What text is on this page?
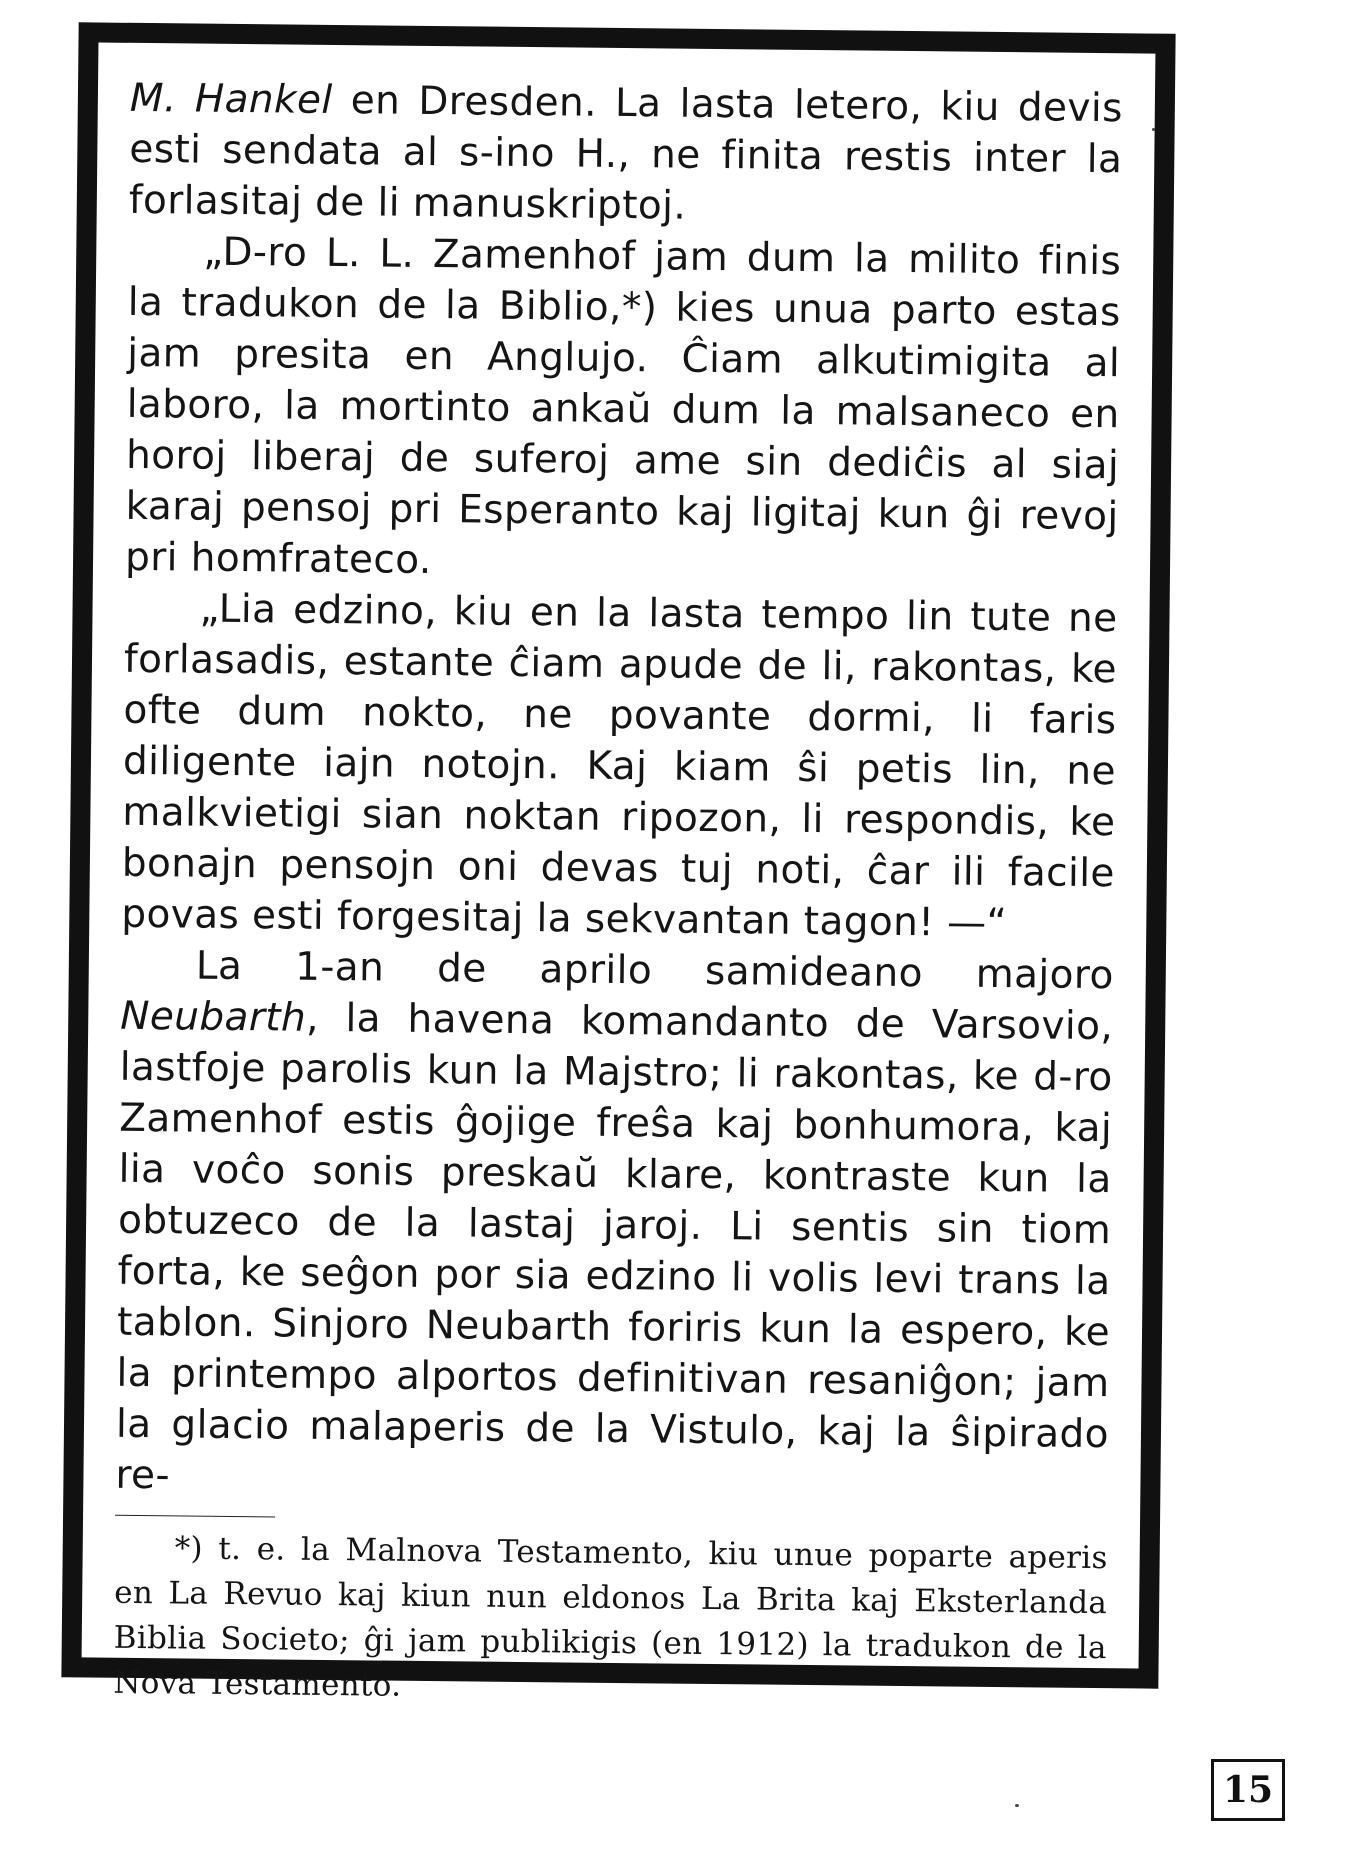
M. Hankel en Dresden. La lasta letero, kiu devis esti sendata al s-ino H., ne finita restis inter la forlasitaj de li manuskriptoj.

„D-ro L. L. Zamenhof jam dum la milito finis la tradukon de la Biblio,*) kies unua parto estas jam presita en Anglujo. Ĉiam alkutimigita al laboro, la mortinto ankaŭ dum la malsaneco en horoj liberaj de suferoj ame sin dediĉis al siaj karaj pensoj pri Esperanto kaj ligitaj kun ĝi revoj pri homfrateco.

„Lia edzino, kiu en la lasta tempo lin tute ne forlasadis, estante ĉiam apude de li, rakontas, ke ofte dum nokto, ne povante dormi, li faris diligente iajn notojn. Kaj kiam ŝi petis lin, ne malkvietigi sian noktan ripozon, li respondis, ke bonajn pensojn oni devas tuj noti, ĉar ili facile povas esti forgesitaj la sekvantan tagon! —“

La 1-an de aprilo samideano majoro Neubarth, la havena komandanto de Varsovio, lastfoje parolis kun la Majstro; li rakontas, ke d-ro Zamenhof estis ĝojige freŝa kaj bonhumora, kaj lia voĉo sonis preskaŭ klare, kontraste kun la obtuzeco de la lastaj jaroj. Li sentis sin tiom forta, ke seĝon por sia edzino li volis levi trans la tablon. Sinjoro Neubarth foriris kun la espero, ke la printempo alportos definitivan resaniĝon; jam la glacio malaperis de la Vistulo, kaj la ŝipirado re-

*) t. e. la Malnova Testamento, kiu unue poparte aperis en La Revuo kaj kiun nun eldonos La Brita kaj Eksterlanda Biblia Societo; ĝi jam publikigis (en 1912) la tradukon de la Nova Testamento.

15
